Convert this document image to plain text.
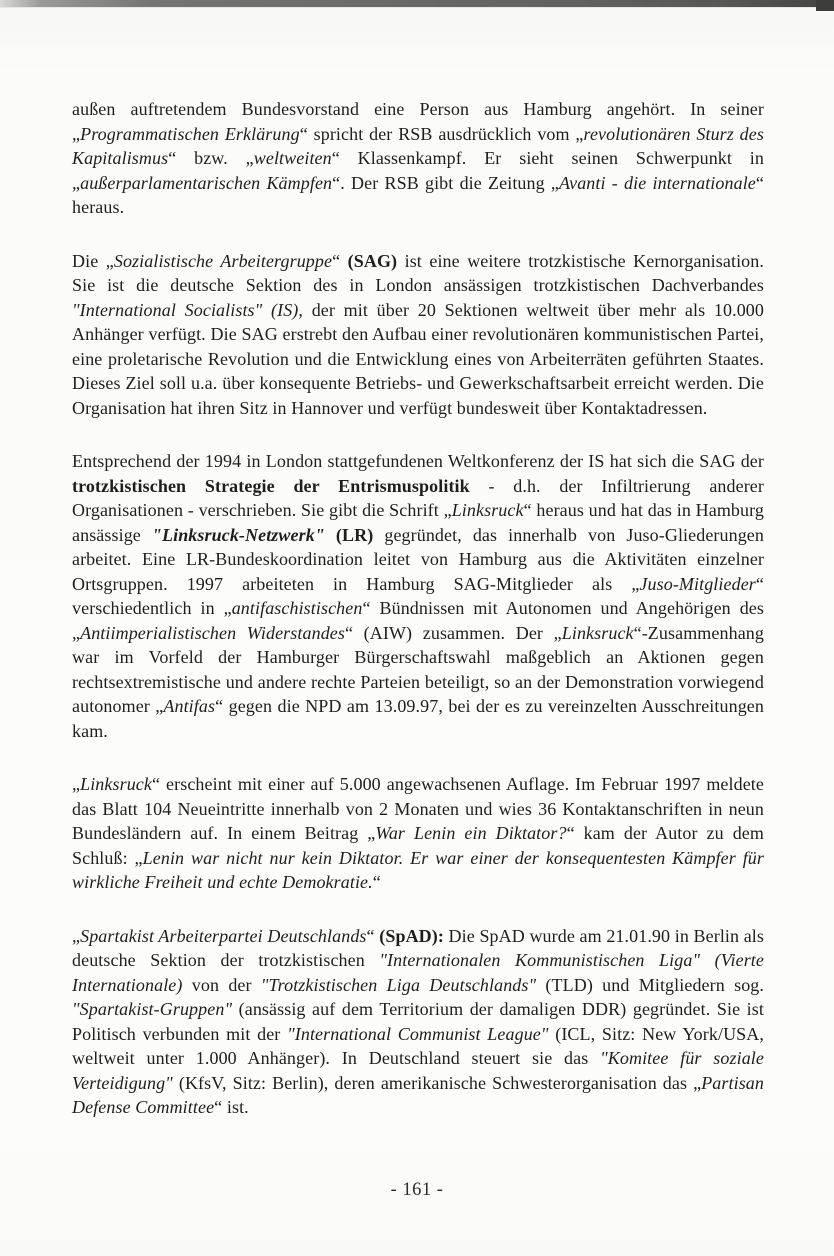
außen auftretendem Bundesvorstand eine Person aus Hamburg angehört. In seiner „Programmatischen Erklärung“ spricht der RSB ausdrücklich vom „revolutionären Sturz des Kapitalismus“ bzw. „weltweiten“ Klassenkampf. Er sieht seinen Schwerpunkt in „außerparlamentarischen Kämpfen“. Der RSB gibt die Zeitung „Avanti - die internationale“ heraus.

Die „Sozialistische Arbeitergruppe“ (SAG) ist eine weitere trotzkistische Kernorganisation. Sie ist die deutsche Sektion des in London ansässigen trotzkistischen Dachverbandes "International Socialists" (IS), der mit über 20 Sektionen weltweit über mehr als 10.000 Anhänger verfügt. Die SAG erstrebt den Aufbau einer revolutionären kommunistischen Partei, eine proletarische Revolution und die Entwicklung eines von Arbeiterräten geführten Staates. Dieses Ziel soll u.a. über konsequente Betriebs- und Gewerkschaftsarbeit erreicht werden. Die Organisation hat ihren Sitz in Hannover und verfügt bundesweit über Kontaktadressen.

Entsprechend der 1994 in London stattgefundenen Weltkonferenz der IS hat sich die SAG der trotzkistischen Strategie der Entrismuspolitik - d.h. der Infiltrierung anderer Organisationen - verschrieben. Sie gibt die Schrift „Linksruck“ heraus und hat das in Hamburg ansässige "Linksruck-Netzwerk" (LR) gegründet, das innerhalb von Juso-Gliederungen arbeitet. Eine LR-Bundeskoordination leitet von Hamburg aus die Aktivitäten einzelner Ortsgruppen. 1997 arbeiteten in Hamburg SAG-Mitglieder als „Juso-Mitglieder“ verschiedentlich in „antifaschistischen“ Bündnissen mit Autonomen und Angehörigen des „Antiimperialistischen Widerstandes“ (AIW) zusammen. Der „Linksruck“-Zusammenhang war im Vorfeld der Hamburger Bürgerschaftswahl maßgeblich an Aktionen gegen rechtsextremistische und andere rechte Parteien beteiligt, so an der Demonstration vorwiegend autonomer „Antifas“ gegen die NPD am 13.09.97, bei der es zu vereinzelten Ausschreitungen kam.

„Linksruck“ erscheint mit einer auf 5.000 angewachsenen Auflage. Im Februar 1997 meldete das Blatt 104 Neueintritte innerhalb von 2 Monaten und wies 36 Kontaktanschriften in neun Bundesländern auf. In einem Beitrag „War Lenin ein Diktator?“ kam der Autor zu dem Schluß: „Lenin war nicht nur kein Diktator. Er war einer der konsequentesten Kämpfer für wirkliche Freiheit und echte Demokratie.“

„Spartakist Arbeiterpartei Deutschlands“ (SpAD): Die SpAD wurde am 21.01.90 in Berlin als deutsche Sektion der trotzkistischen "Internationalen Kommunistischen Liga" (Vierte Internationale) von der "Trotzkistischen Liga Deutschlands" (TLD) und Mitgliedern sog. "Spartakist-Gruppen" (ansässig auf dem Territorium der damaligen DDR) gegründet. Sie ist Politisch verbunden mit der "International Communist League" (ICL, Sitz: New York/USA, weltweit unter 1.000 Anhänger). In Deutschland steuert sie das "Komitee für soziale Verteidigung" (KfsV, Sitz: Berlin), deren amerikanische Schwesterorganisation das „Partisan Defense Committee“ ist.

- 161 -
